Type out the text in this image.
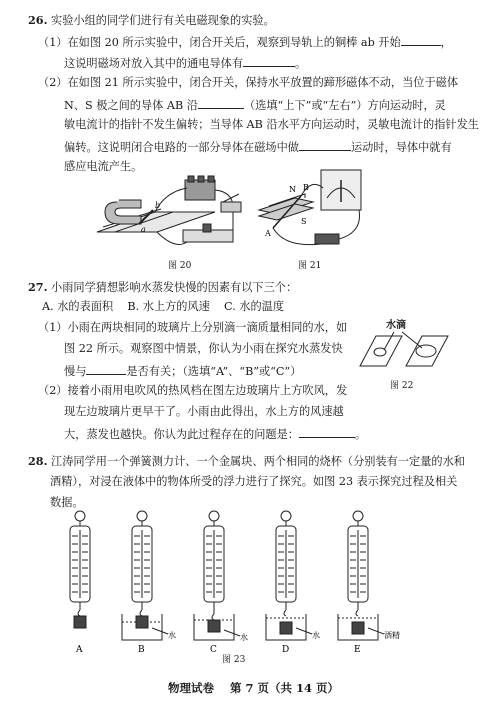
26. 实验小组的同学们进行有关电磁现象的实验。
（1）在如图 20 所示实验中，闭合开关后，观察到导轨上的铜棒 ab 开始	，
这说明磁场对放入其中的通电导体有	。
（2）在如图 21 所示实验中，闭合开关，保持水平放置的蹄形磁体不动，当位于磁体
N、S 极之间的导体 AB 沿	（选填“上下”或“左右”）方向运动时，灵
敏电流计的指针不发生偏转；当导体 AB 沿水平方向运动时，灵敏电流计的指针发生
偏转。这说明闭合电路的一部分导体在磁场中做	运动时，导体中就有
感应电流产生。
a
b
图 20
N
S
A
B
图 21
27. 小雨同学猜想影响水蒸发快慢的因素有以下三个：
A. 水的表面积    B. 水上方的风速    C. 水的温度
（1）小雨在两块相同的玻璃片上分别滴一滴质量相同的水，如
图 22 所示。观察图中情景，你认为小雨在探究水蒸发快
慢与	是否有关；（选填“A”、“B”或“C”）
（2）接着小雨用电吹风的热风档在图左边玻璃片上方吹风，发
现左边玻璃片更早干了。小雨由此得出，水上方的风速越
大，蒸发也越快。你认为此过程存在的问题是：	。
水滴
图 22
28. 江涛同学用一个弹簧测力计、一个金属块、两个相同的烧杯（分别装有一定量的水和
酒精），对浸在液体中的物体所受的浮力进行了探究。如图 23 表示探究过程及相关
数据。
A
水
B
水
C
水
D
酒精
E
图 23
物理试卷    第 7 页（共 14 页）
